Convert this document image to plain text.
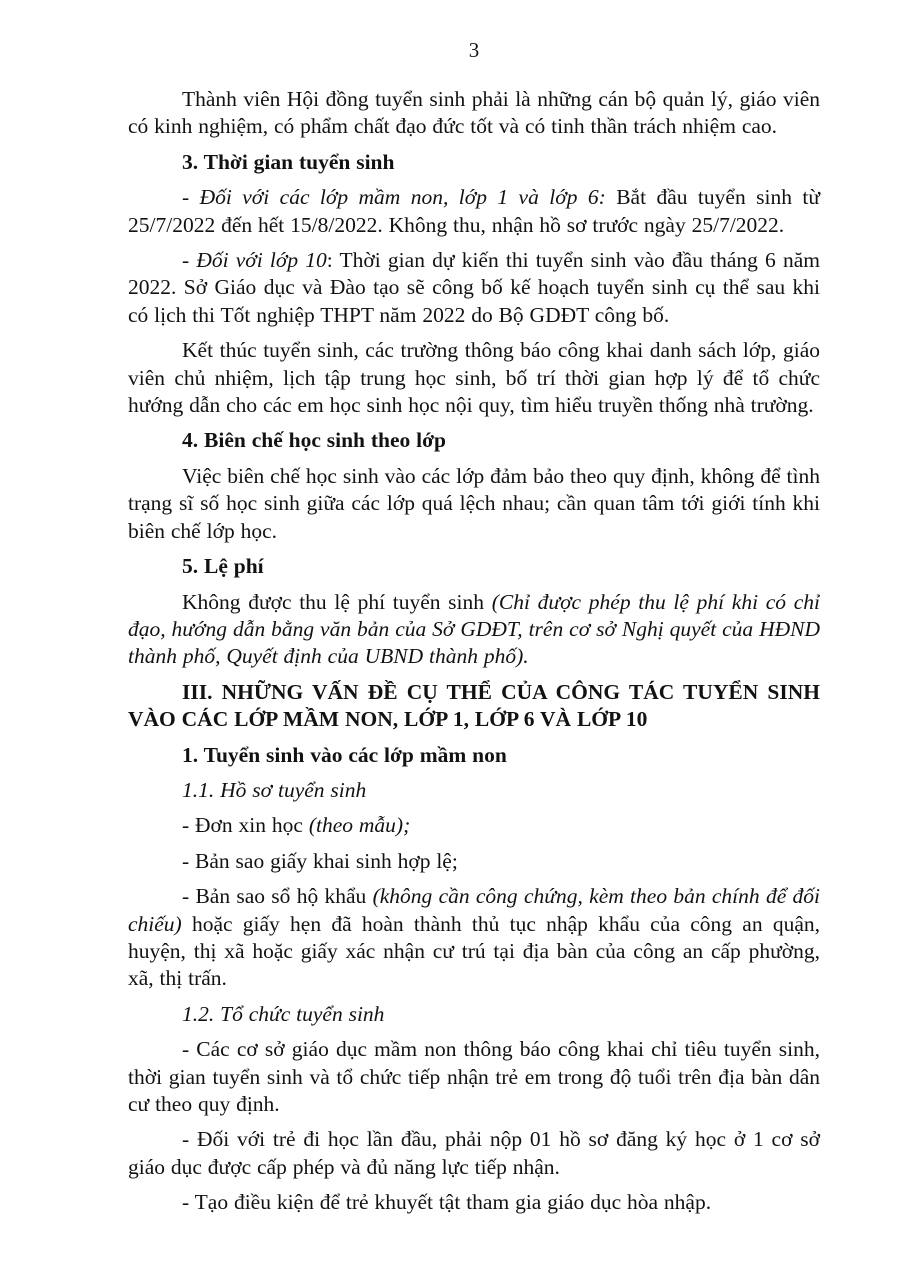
3

Thành viên Hội đồng tuyển sinh phải là những cán bộ quản lý, giáo viên có kinh nghiệm, có phẩm chất đạo đức tốt và có tinh thần trách nhiệm cao.

3. Thời gian tuyển sinh

- Đối với các lớp mầm non, lớp 1 và lớp 6: Bắt đầu tuyển sinh từ 25/7/2022 đến hết 15/8/2022. Không thu, nhận hồ sơ trước ngày 25/7/2022.

- Đối với lớp 10: Thời gian dự kiến thi tuyển sinh vào đầu tháng 6 năm 2022. Sở Giáo dục và Đào tạo sẽ công bố kế hoạch tuyển sinh cụ thể sau khi có lịch thi Tốt nghiệp THPT năm 2022 do Bộ GDĐT công bố.

Kết thúc tuyển sinh, các trường thông báo công khai danh sách lớp, giáo viên chủ nhiệm, lịch tập trung học sinh, bố trí thời gian hợp lý để tổ chức hướng dẫn cho các em học sinh học nội quy, tìm hiểu truyền thống nhà trường.

4. Biên chế học sinh theo lớp

Việc biên chế học sinh vào các lớp đảm bảo theo quy định, không để tình trạng sĩ số học sinh giữa các lớp quá lệch nhau; cần quan tâm tới giới tính khi biên chế lớp học.

5. Lệ phí

Không được thu lệ phí tuyển sinh (Chỉ được phép thu lệ phí khi có chỉ đạo, hướng dẫn bằng văn bản của Sở GDĐT, trên cơ sở Nghị quyết của HĐND thành phố, Quyết định của UBND thành phố).

III. NHỮNG VẤN ĐỀ CỤ THỂ CỦA CÔNG TÁC TUYỂN SINH VÀO CÁC LỚP MẦM NON, LỚP 1, LỚP 6 VÀ LỚP 10

1. Tuyển sinh vào các lớp mầm non

1.1. Hồ sơ tuyển sinh

- Đơn xin học (theo mẫu);

- Bản sao giấy khai sinh hợp lệ;

- Bản sao sổ hộ khẩu (không cần công chứng, kèm theo bản chính để đối chiếu) hoặc giấy hẹn đã hoàn thành thủ tục nhập khẩu của công an quận, huyện, thị xã hoặc giấy xác nhận cư trú tại địa bàn của công an cấp phường, xã, thị trấn.

1.2. Tổ chức tuyển sinh

- Các cơ sở giáo dục mầm non thông báo công khai chỉ tiêu tuyển sinh, thời gian tuyển sinh và tổ chức tiếp nhận trẻ em trong độ tuổi trên địa bàn dân cư theo quy định.

- Đối với trẻ đi học lần đầu, phải nộp 01 hồ sơ đăng ký học ở 1 cơ sở giáo dục được cấp phép và đủ năng lực tiếp nhận.

- Tạo điều kiện để trẻ khuyết tật tham gia giáo dục hòa nhập.
